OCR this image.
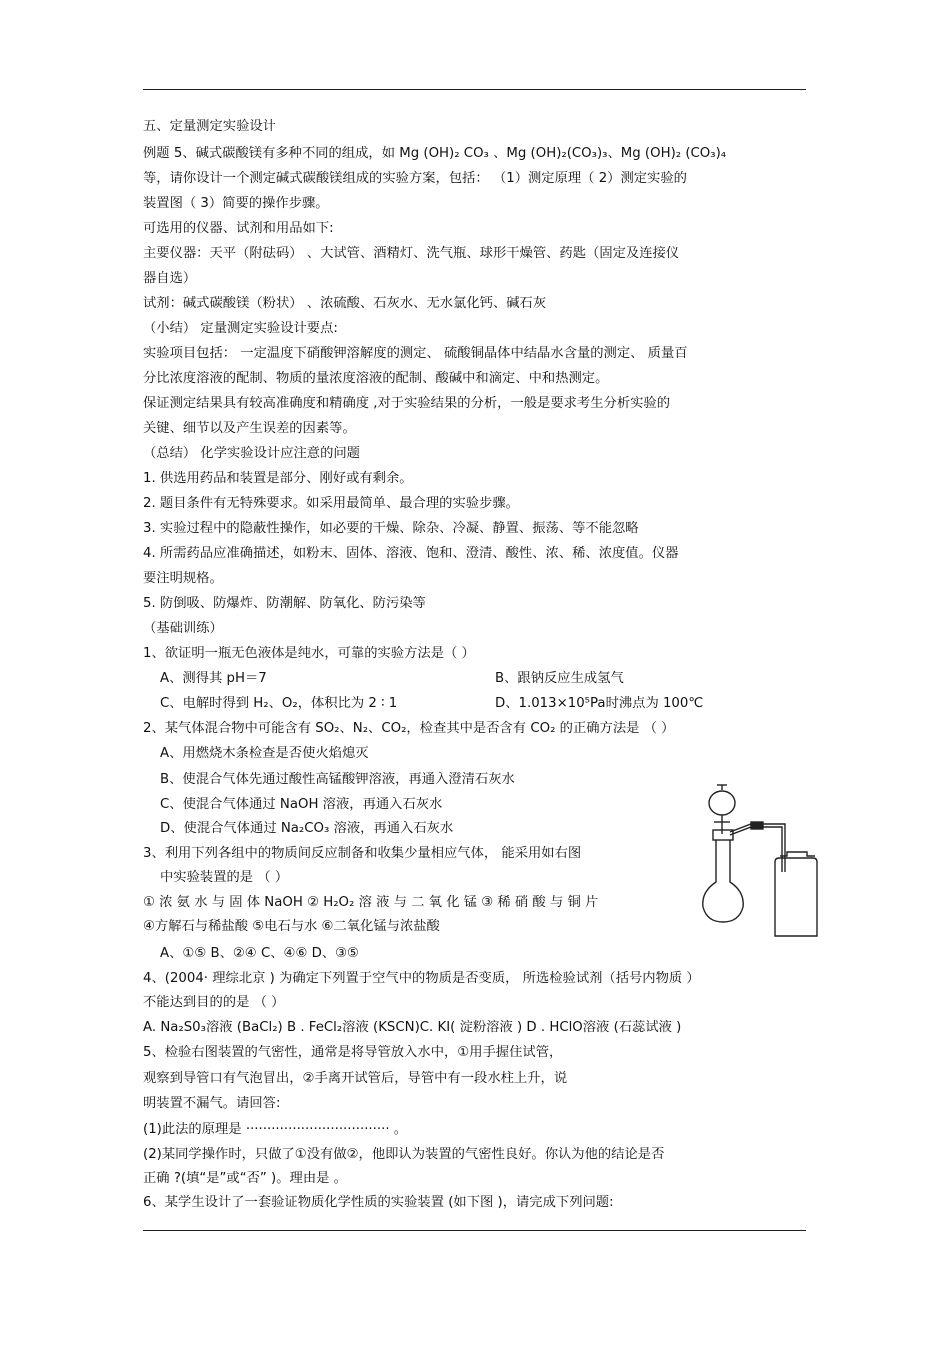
五、定量测定实验设计
例题 5、碱式碳酸镁有多种不同的组成，如 Mg (OH)₂ CO₃ 、Mg (OH)₂(CO₃)₃、Mg (OH)₂ (CO₃)₄
等，请你设计一个测定碱式碳酸镁组成的实验方案，包括： （1）测定原理（ 2）测定实验的
装置图（ 3）简要的操作步骤。
可选用的仪器、试剂和用品如下:
主要仪器：天平（附砝码） 、大试管、酒精灯、洗气瓶、球形干燥管、药匙（固定及连接仪
器自选）
试剂：碱式碳酸镁（粉状） 、浓硫酸、石灰水、无水氯化钙、碱石灰
（小结） 定量测定实验设计要点:
实验项目包括： 一定温度下硝酸钾溶解度的测定、 硫酸铜晶体中结晶水含量的测定、 质量百
分比浓度溶液的配制、物质的量浓度溶液的配制、酸碱中和滴定、中和热测定。
保证测定结果具有较高准确度和精确度 ,对于实验结果的分析，一般是要求考生分析实验的
关键、细节以及产生误差的因素等。
（总结） 化学实验设计应注意的问题
1. 供选用药品和装置是部分、刚好或有剩余。
2. 题目条件有无特殊要求。如采用最简单、最合理的实验步骤。
3. 实验过程中的隐蔽性操作，如必要的干燥、除杂、冷凝、静置、振荡、等不能忽略
4. 所需药品应准确描述，如粉末、固体、溶液、饱和、澄清、酸性、浓、稀、浓度值。仪器
要注明规格。
5. 防倒吸、防爆炸、防潮解、防氧化、防污染等
（基础训练）
1、欲证明一瓶无色液体是纯水，可靠的实验方法是（ ）
A、测得其 pH＝7	B、跟钠反应生成氢气
C、电解时得到 H₂、O₂，体积比为 2 ∶ 1	D、1.013×10⁵Pa时沸点为 100℃
2、某气体混合物中可能含有 SO₂、N₂、CO₂，检查其中是否含有 CO₂ 的正确方法是 （ ）
A、用燃烧木条检查是否使火焰熄灭
B、使混合气体先通过酸性高锰酸钾溶液，再通入澄清石灰水
C、使混合气体通过 NaOH 溶液，再通入石灰水
D、使混合气体通过 Na₂CO₃ 溶液，再通入石灰水
3、利用下列各组中的物质间反应制备和收集少量相应气体， 能采用如右图
中实验装置的是 （ ）
① 浓 氨 水 与 固 体 NaOH ② H₂O₂ 溶 液 与 二 氧 化 锰 ③ 稀 硝 酸 与 铜 片
④方解石与稀盐酸 ⑤电石与水 ⑥二氧化锰与浓盐酸
A、①⑤ B、②④ C、④⑥ D、③⑤
4、(2004· 理综北京 ) 为确定下列置于空气中的物质是否变质， 所选检验试剂（括号内物质 ）
不能达到目的的是 （ ）
A. Na₂S0₃溶液 (BaCl₂) B . FeCl₂溶液 (KSCN)C. KI( 淀粉溶液 ) D . HClO溶液 (石蕊试液 )
5、检验右图装置的气密性，通常是将导管放入水中，①用手握住试管，
观察到导管口有气泡冒出，②手离开试管后，导管中有一段水柱上升，说
明装置不漏气。请回答:
(1)此法的原理是 ·································· 。
(2)某同学操作时，只做了①没有做②，他即认为装置的气密性良好。你认为他的结论是否
正确 ?(填“是”或“否” )。理由是 。
6、某学生设计了一套验证物质化学性质的实验装置 (如下图 )，请完成下列问题:
